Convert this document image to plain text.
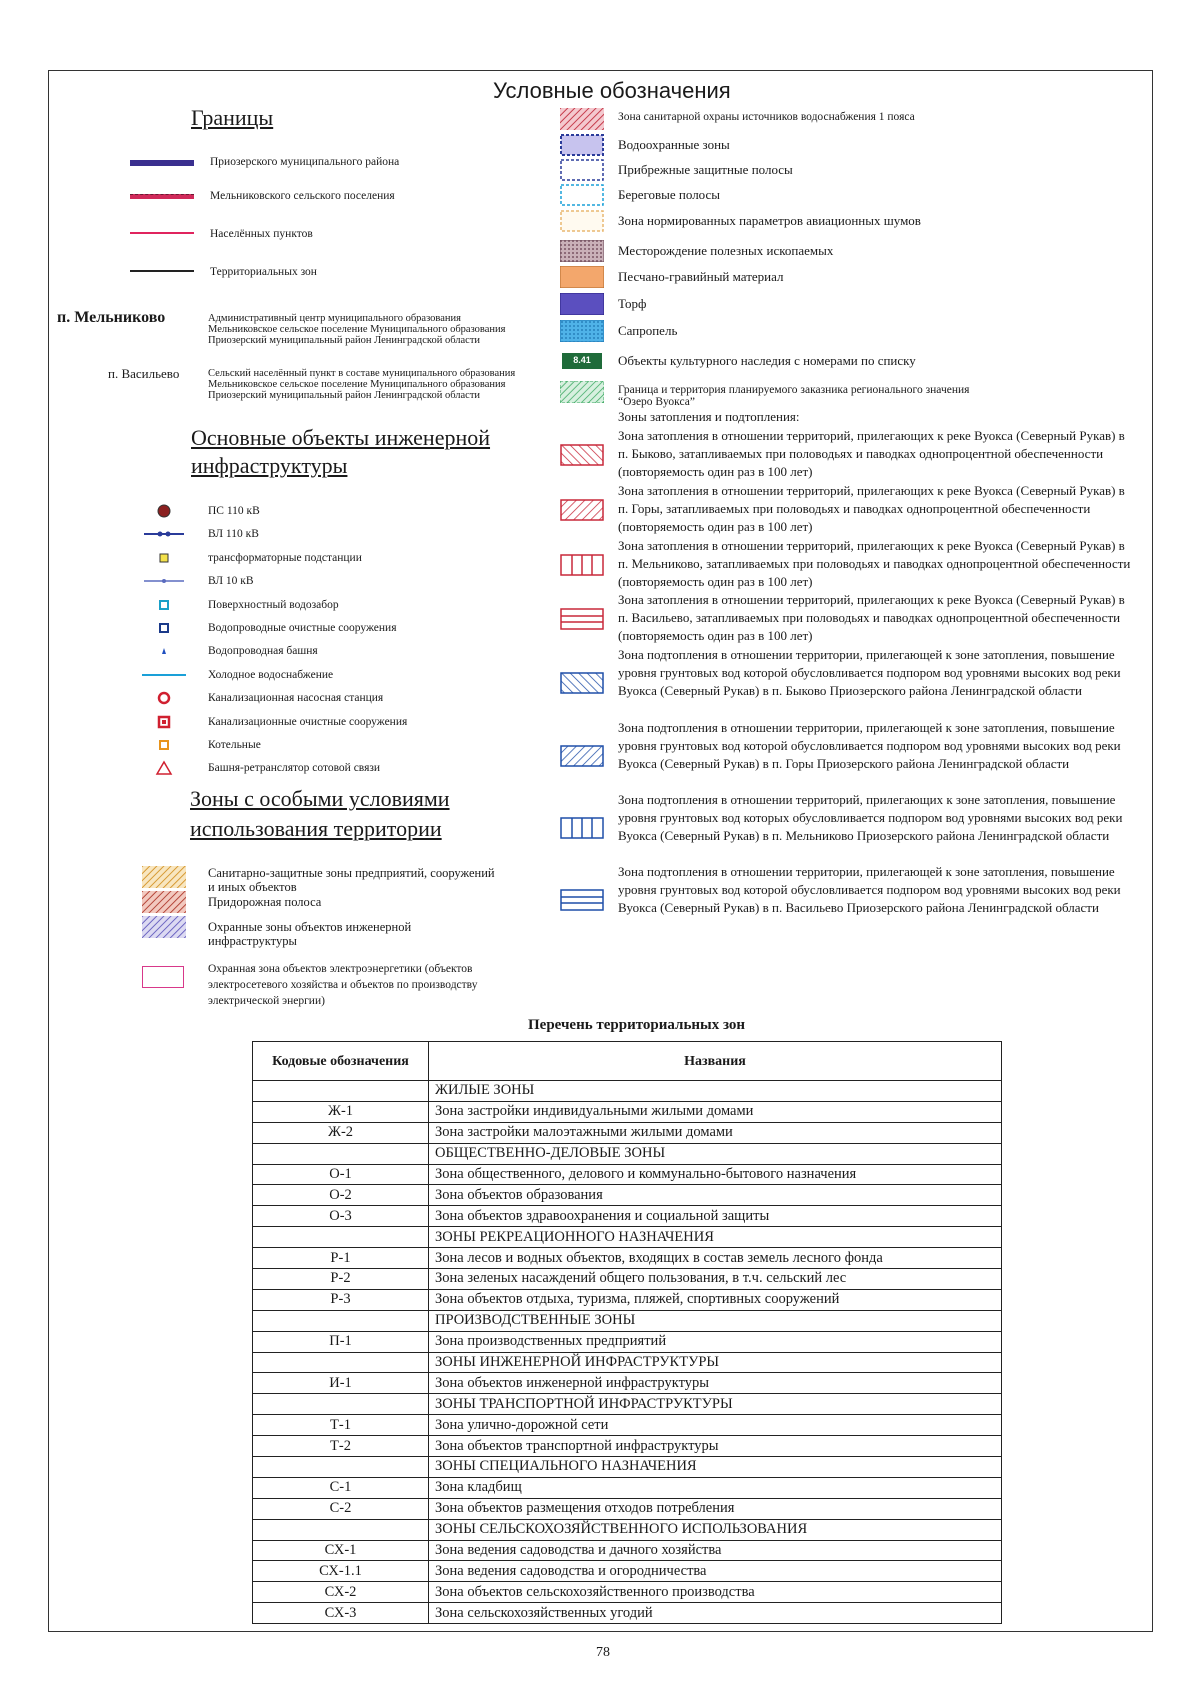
Условные обозначения
Границы
Приозерского муниципального района
Мельниковского сельского поселения
Населённых пунктов
Территориальных зон
п. Мельниково	Административный центр муниципального образования Мельниковское сельское поселение Муниципального образования Приозерский муниципальный район Ленинградской области
п. Васильево	Сельский населённый пункт в составе муниципального образования Мельниковское сельское поселение Муниципального образования Приозерский муниципальный район Ленинградской области
Основные объекты инженерной
инфраструктуры
ПС 110 кВ
ВЛ 110 кВ
трансформаторные подстанции
ВЛ 10 кВ
Поверхностный водозабор
Водопроводные очистные сооружения
Водопроводная башня
Холодное водоснабжение
Канализационная насосная станция
Канализационные очистные сооружения
Котельные
Башня-ретранслятор сотовой связи
Зоны с особыми условиями
использования территории
Санитарно-защитные зоны предприятий, сооружений и иных объектов
Придорожная полоса
Охранные зоны объектов инженерной инфраструктуры
Охранная зона объектов электроэнергетики (объектов электросетевого хозяйства и объектов по производству электрической энергии)
Зона санитарной охраны источников водоснабжения 1 пояса
Водоохранные зоны
Прибрежные защитные полосы
Береговые полосы
Зона нормированных параметров авиационных шумов
Месторождение полезных ископаемых
Песчано-гравийный материал
Торф
Сапропель
8.41	Объекты культурного наследия с номерами по списку
Граница и территория планируемого заказника регионального значения “Озеро Вуокса”
Зоны затопления и подтопления:
Зона затопления в отношении территорий, прилегающих к реке Вуокса (Северный Рукав) в п. Быково, затапливаемых при половодьях и паводках однопроцентной обеспеченности (повторяемость один раз в 100 лет)
Зона затопления в отношении территорий, прилегающих к реке Вуокса (Северный Рукав) в п. Горы, затапливаемых при половодьях и паводках однопроцентной обеспеченности (повторяемость один раз в 100 лет)
Зона затопления в отношении территорий, прилегающих к реке Вуокса (Северный Рукав) в п. Мельниково, затапливаемых при половодьях и паводках однопроцентной обеспеченности (повторяемость один раз в 100 лет)
Зона затопления в отношении территорий, прилегающих к реке Вуокса (Северный Рукав) в п. Васильево, затапливаемых при половодьях и паводках однопроцентной обеспеченности (повторяемость один раз в 100 лет)
Зона подтопления в отношении территории, прилегающей к зоне затопления, повышение уровня грунтовых вод которой обусловливается подпором вод уровнями высоких вод реки Вуокса (Северный Рукав) в п. Быково Приозерского района Ленинградской области
Зона подтопления в отношении территории, прилегающей к зоне затопления, повышение уровня грунтовых вод которой обусловливается подпором вод уровнями высоких вод реки Вуокса (Северный Рукав) в п. Горы Приозерского района Ленинградской области
Зона подтопления в отношении территорий, прилегающих к зоне затопления, повышение уровня грунтовых вод которых обусловливается подпором вод уровнями высоких вод реки Вуокса (Северный Рукав) в п. Мельниково Приозерского района Ленинградской области
Зона подтопления в отношении территории, прилегающей к зоне затопления, повышение уровня грунтовых вод которой обусловливается подпором вод уровнями высоких вод реки Вуокса (Северный Рукав) в п. Васильево Приозерского района Ленинградской области
Перечень территориальных зон
Кодовые обозначения	Названия
	ЖИЛЫЕ ЗОНЫ
Ж-1	Зона застройки индивидуальными жилыми домами
Ж-2	Зона застройки малоэтажными жилыми домами
	ОБЩЕСТВЕННО-ДЕЛОВЫЕ ЗОНЫ
О-1	Зона общественного, делового и коммунально-бытового назначения
О-2	Зона объектов образования
О-3	Зона объектов здравоохранения и социальной защиты
	ЗОНЫ РЕКРЕАЦИОННОГО НАЗНАЧЕНИЯ
Р-1	Зона лесов и водных объектов, входящих в состав земель лесного фонда
Р-2	Зона зеленых насаждений общего пользования, в т.ч. сельский лес
Р-3	Зона объектов отдыха, туризма, пляжей, спортивных сооружений
	ПРОИЗВОДСТВЕННЫЕ ЗОНЫ
П-1	Зона производственных предприятий
	ЗОНЫ ИНЖЕНЕРНОЙ ИНФРАСТРУКТУРЫ
И-1	Зона объектов инженерной инфраструктуры
	ЗОНЫ ТРАНСПОРТНОЙ ИНФРАСТРУКТУРЫ
Т-1	Зона улично-дорожной сети
Т-2	Зона объектов транспортной инфраструктуры
	ЗОНЫ СПЕЦИАЛЬНОГО НАЗНАЧЕНИЯ
С-1	Зона кладбищ
С-2	Зона объектов размещения отходов потребления
	ЗОНЫ СЕЛЬСКОХОЗЯЙСТВЕННОГО ИСПОЛЬЗОВАНИЯ
СХ-1	Зона ведения садоводства и дачного хозяйства
СХ-1.1	Зона ведения садоводства и огородничества
СХ-2	Зона объектов сельскохозяйственного производства
СХ-3	Зона сельскохозяйственных угодий
78
